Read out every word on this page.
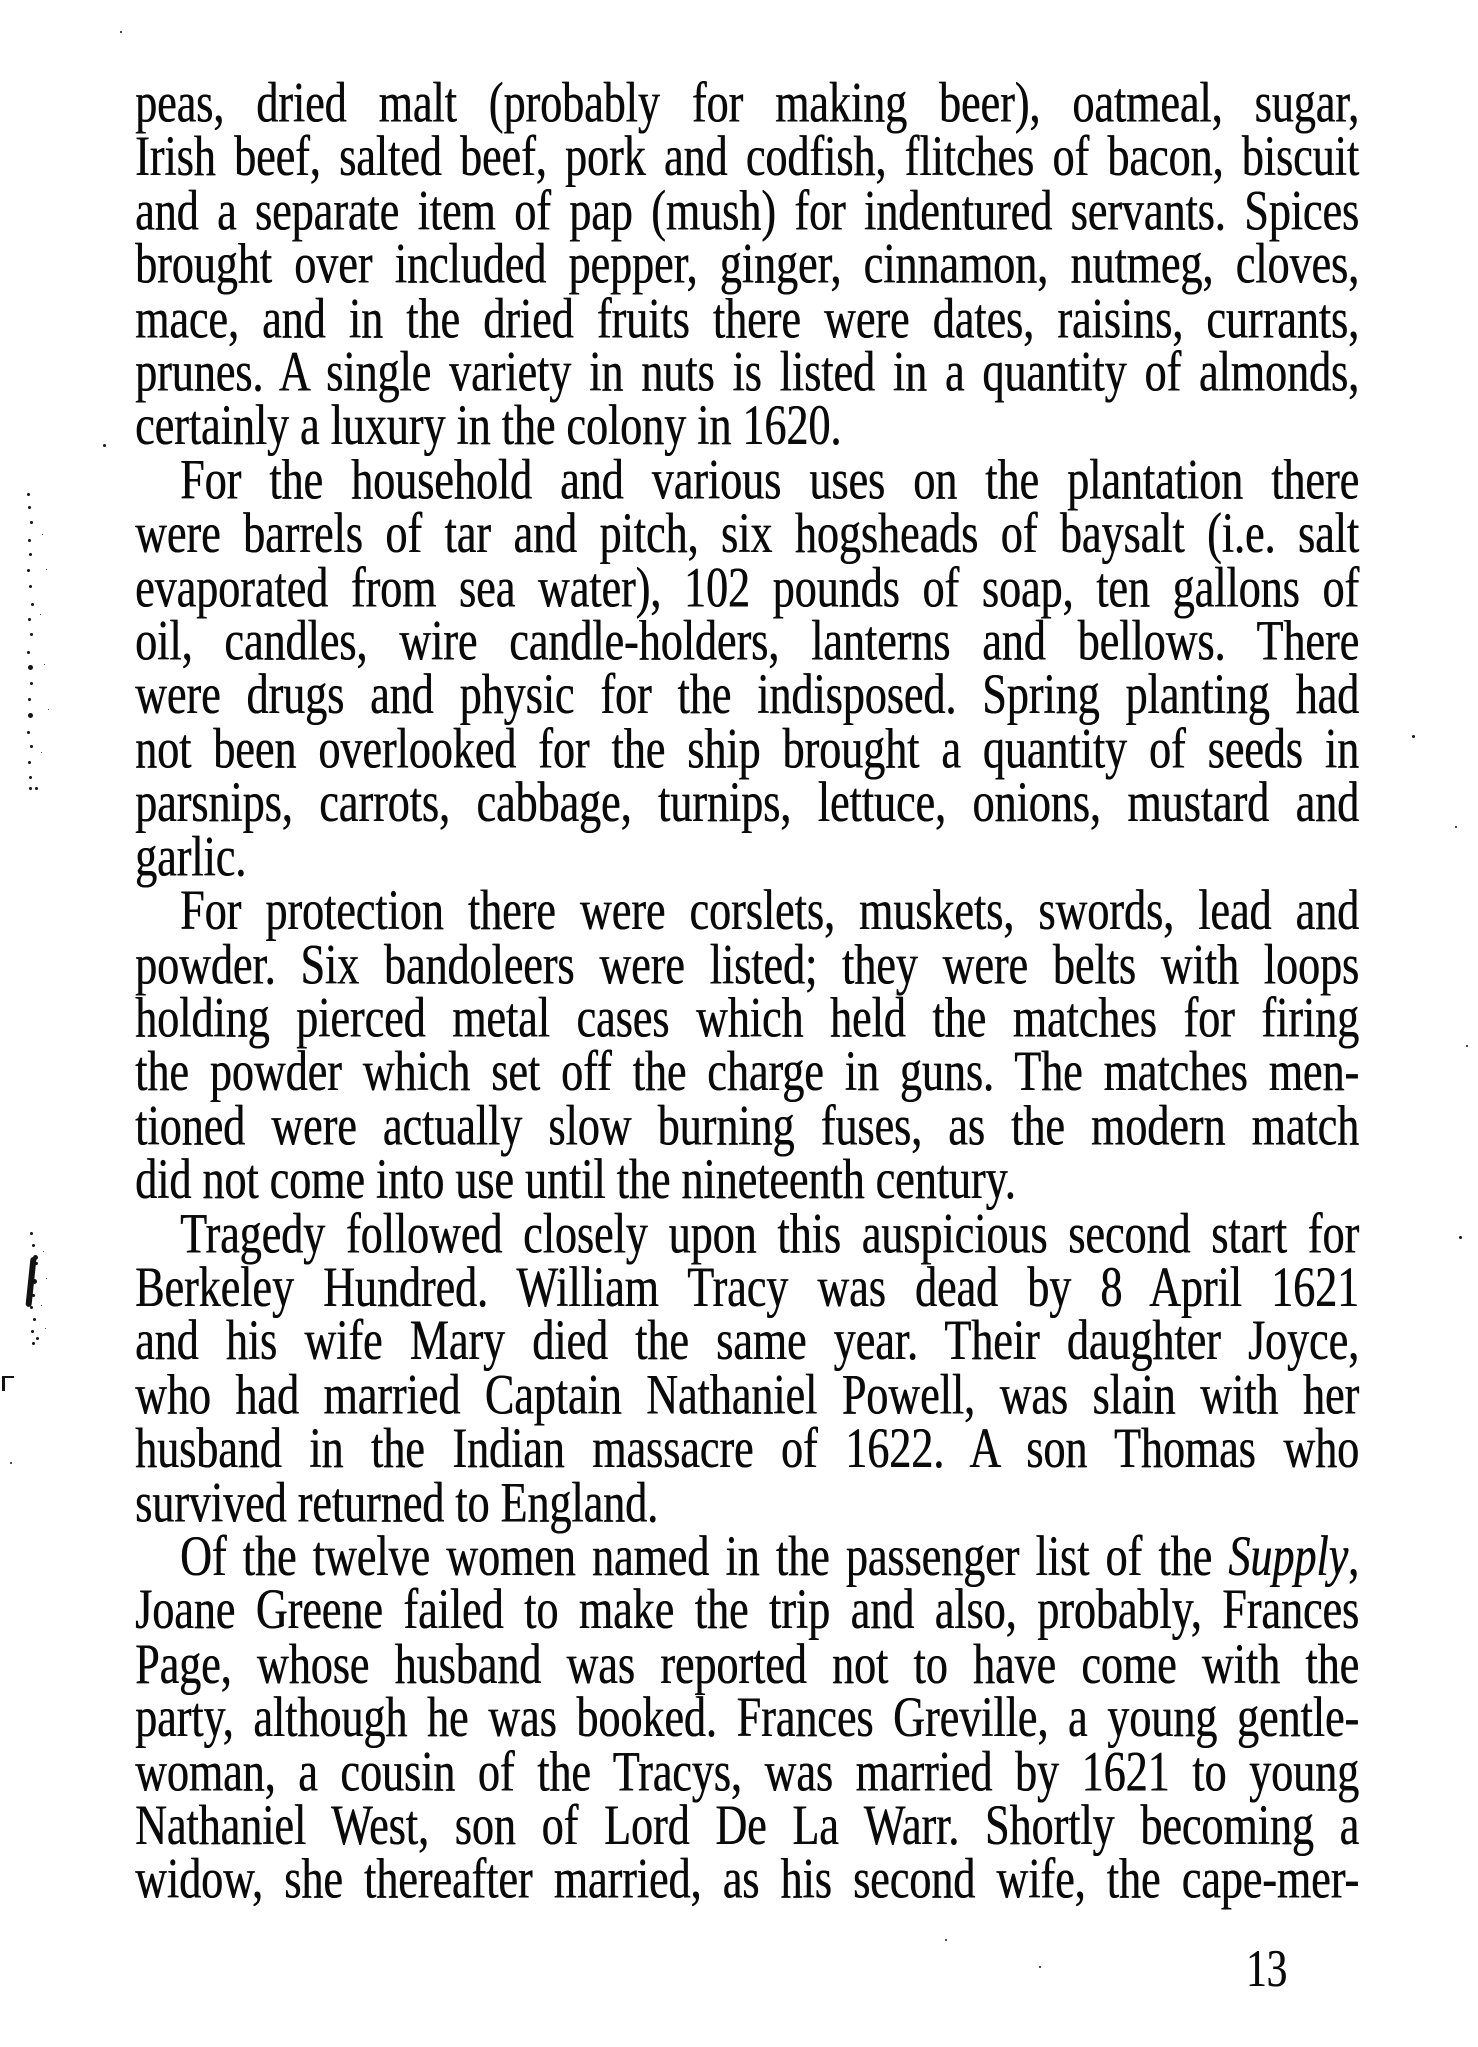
peas, dried malt (probably for making beer), oatmeal, sugar,
Irish beef, salted beef, pork and codfish, flitches of bacon, biscuit
and a separate item of pap (mush) for indentured servants. Spices
brought over included pepper, ginger, cinnamon, nutmeg, cloves,
mace, and in the dried fruits there were dates, raisins, currants,
prunes. A single variety in nuts is listed in a quantity of almonds,
certainly a luxury in the colony in 1620.
For the household and various uses on the plantation there
were barrels of tar and pitch, six hogsheads of baysalt (i.e. salt
evaporated from sea water), 102 pounds of soap, ten gallons of
oil, candles, wire candle-holders, lanterns and bellows. There
were drugs and physic for the indisposed. Spring planting had
not been overlooked for the ship brought a quantity of seeds in
parsnips, carrots, cabbage, turnips, lettuce, onions, mustard and
garlic.
For protection there were corslets, muskets, swords, lead and
powder. Six bandoleers were listed; they were belts with loops
holding pierced metal cases which held the matches for firing
the powder which set off the charge in guns. The matches men-
tioned were actually slow burning fuses, as the modern match
did not come into use until the nineteenth century.
Tragedy followed closely upon this auspicious second start for
Berkeley Hundred. William Tracy was dead by 8 April 1621
and his wife Mary died the same year. Their daughter Joyce,
who had married Captain Nathaniel Powell, was slain with her
husband in the Indian massacre of 1622. A son Thomas who
survived returned to England.
Of the twelve women named in the passenger list of the Supply,
Joane Greene failed to make the trip and also, probably, Frances
Page, whose husband was reported not to have come with the
party, although he was booked. Frances Greville, a young gentle-
woman, a cousin of the Tracys, was married by 1621 to young
Nathaniel West, son of Lord De La Warr. Shortly becoming a
widow, she thereafter married, as his second wife, the cape-mer-
13
